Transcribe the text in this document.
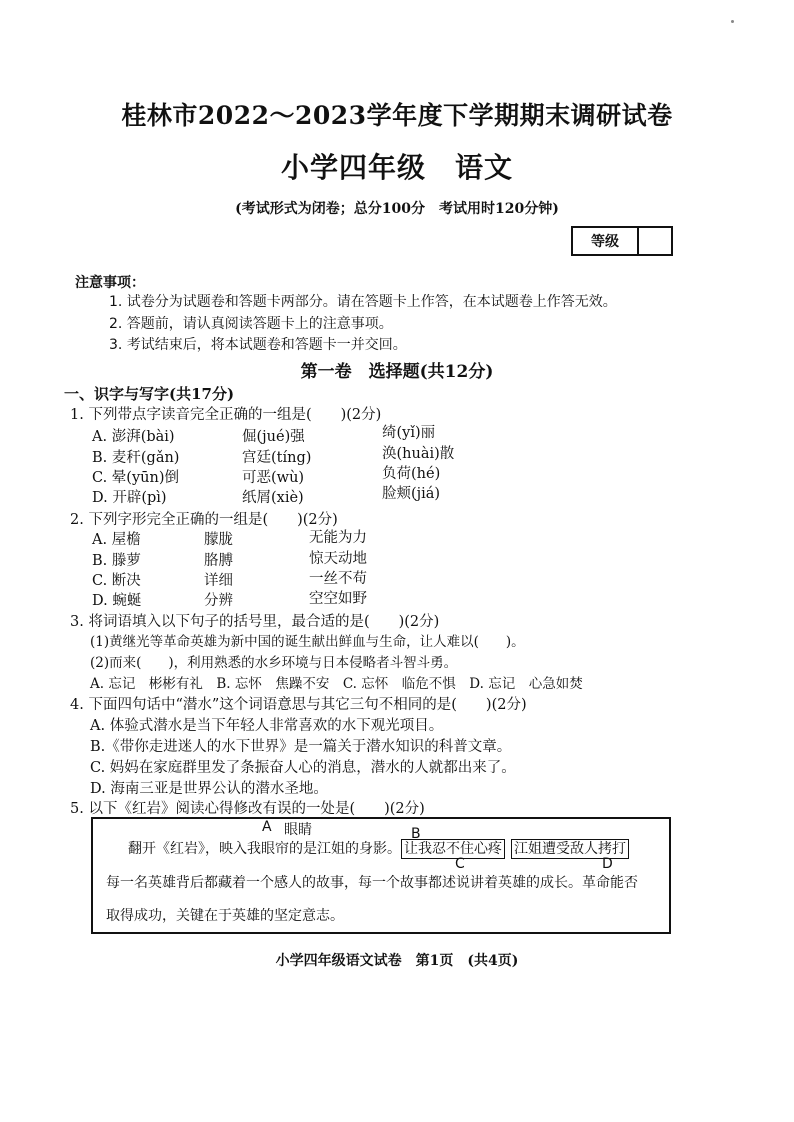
桂林市2022～2023学年度下学期期末调研试卷
小学四年级　语文
(考试形式为闭卷；总分100分　考试用时120分钟)
等级
注意事项：
1. 试卷分为试题卷和答题卡两部分。请在答题卡上作答，在本试题卷上作答无效。
2. 答题前，请认真阅读答题卡上的注意事项。
3. 考试结束后，将本试题卷和答题卡一并交回。
第一卷　选择题(共12分)
一、识字与写字(共17分)
1. 下列带点字读音完全正确的一组是(　　)(2分)
A. 澎湃(bài)	倔(jué)强	绮(yǐ)丽
B. 麦秆(gǎn)	宫廷(tíng)	涣(huài)散
C. 晕(yūn)倒	可恶(wù)	负荷(hé)
D. 开辟(pì)	纸屑(xiè)	脸颊(jiá)
2. 下列字形完全正确的一组是(　　)(2分)
A. 屋檐	朦胧	无能为力
B. 滕萝	胳膊	惊天动地
C. 断决	详细	一丝不苟
D. 蜿蜒	分辨	空空如野
3. 将词语填入以下句子的括号里，最合适的是(　　)(2分)
(1)黄继光等革命英雄为新中国的诞生献出鲜血与生命，让人难以(　　)。
(2)而来(　　)，利用熟悉的水乡环境与日本侵略者斗智斗勇。
A. 忘记　彬彬有礼　B. 忘怀　焦躁不安　C. 忘怀　临危不惧　D. 忘记　心急如焚
4. 下面四句话中“潜水”这个词语意思与其它三句不相同的是(　　)(2分)
A. 体验式潜水是当下年轻人非常喜欢的水下观光项目。
B.《带你走进迷人的水下世界》是一篇关于潜水知识的科普文章。
C. 妈妈在家庭群里发了条振奋人心的消息，潜水的人就都出来了。
D. 海南三亚是世界公认的潜水圣地。
5. 以下《红岩》阅读心得修改有误的一处是(　　)(2分)
A 眼睛	B
翻开《红岩》，映入我眼帘的是江姐的身影。 让我忍不住心疼 江姐遭受敌人拷打
C	D
每一名英雄背后都藏着一个感人的故事，每一个故事都述说讲着英雄的成长。革命能否
取得成功，关键在于英雄的坚定意志。
小学四年级语文试卷　第1页　(共4页)
